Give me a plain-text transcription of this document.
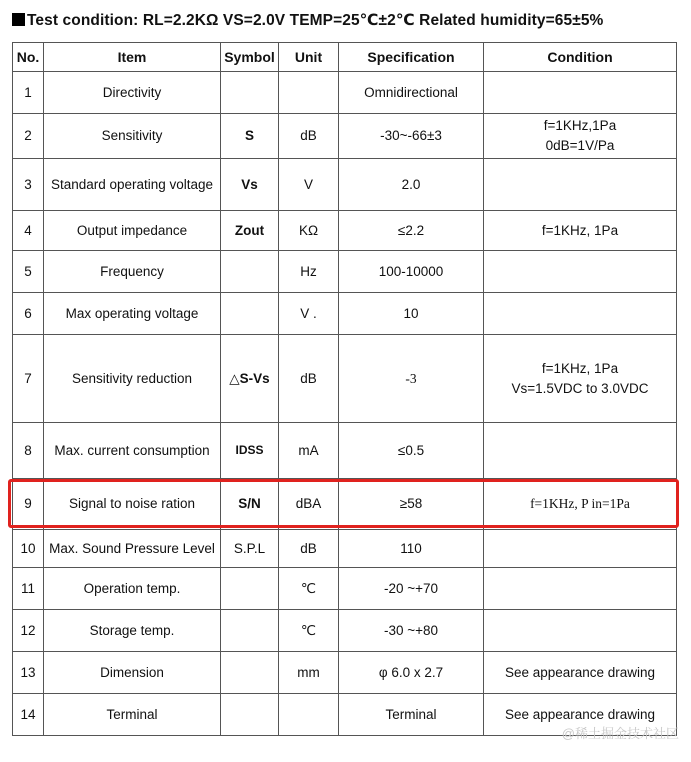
Test condition: RL=2.2KΩ VS=2.0V TEMP=25℃±2℃ Related humidity=65±5%
No.	Item	Symbol	Unit	Specification	Condition
1	Directivity			Omnidirectional	
2	Sensitivity	S	dB	-30~-66±3	f=1KHz,1Pa
0dB=1V/Pa

3	Standard operating voltage	Vs	V	2.0	
4	Output impedance	Zout	KΩ	≤2.2	f=1KHz, 1Pa
5	Frequency		Hz	100-10000	
6	Max operating voltage		V .	10	
7	Sensitivity reduction	△S-Vs	dB	-3	f=1KHz, 1Pa
Vs=1.5VDC to 3.0VDC

8	Max. current consumption	IDSS	mA	≤0.5	
9	Signal to noise ration	S/N	dBA	≥58	f=1KHz, P in=1Pa
10	Max. Sound Pressure Level	S.P.L	dB	110	
11	Operation temp.		℃	-20 ~+70	
12	Storage temp.		℃	-30 ~+80	
13	Dimension		mm	φ 6.0 x 2.7	See appearance drawing
14	Terminal			Terminal	See appearance drawing
@稀土掘金技术社区
